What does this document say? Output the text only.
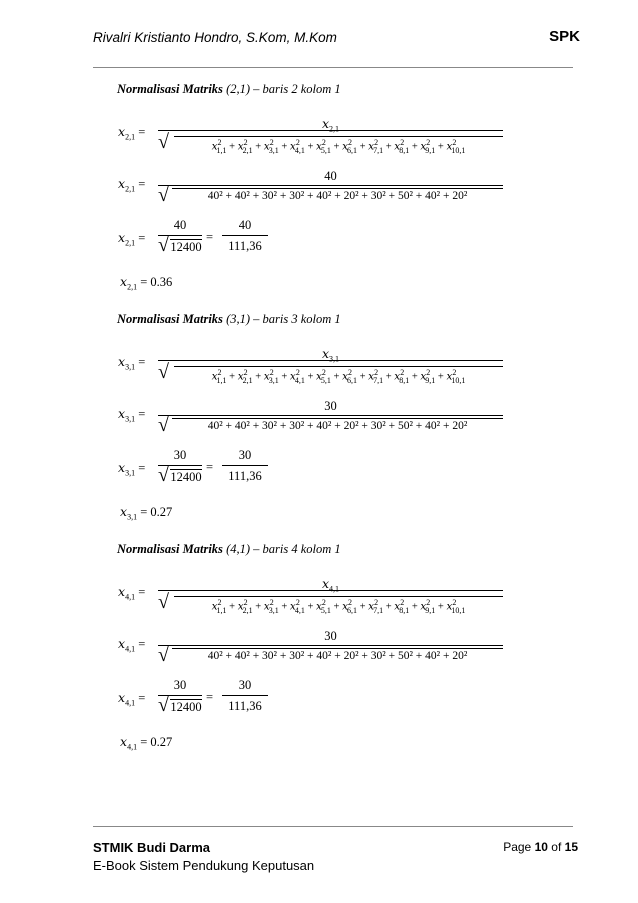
Rivalri Kristianto Hondro, S.Kom, M.Kom	SPK
Normalisasi Matriks (2,1) – baris 2 kolom 1
$x_{2,1}$ =
$x_{2,1}$
√	$x^2_{1,1} + x^2_{2,1} + x^2_{3,1} + x^2_{4,1} + x^2_{5,1} + x^2_{6,1} + x^2_{7,1} + x^2_{8,1} + x^2_{9,1} + x^2_{10,1}$
$x_{2,1}$ =
40
√	40² + 40² + 30² + 30² + 40² + 20² + 30² + 50² + 40² + 20²
$x_{2,1}$ =
40
√ 12400
=
40
111,36
$x_{2,1} = 0.36$
Normalisasi Matriks (3,1) – baris 3 kolom 1
$x_{3,1}$ =
$x_{3,1}$
√	$x^2_{1,1} + x^2_{2,1} + x^2_{3,1} + x^2_{4,1} + x^2_{5,1} + x^2_{6,1} + x^2_{7,1} + x^2_{8,1} + x^2_{9,1} + x^2_{10,1}$
$x_{3,1}$ =
30
√	40² + 40² + 30² + 30² + 40² + 20² + 30² + 50² + 40² + 20²
$x_{3,1}$ =
30
√ 12400
=
30
111,36
$x_{3,1} = 0.27$
Normalisasi Matriks (4,1) – baris 4 kolom 1
$x_{4,1}$ =
$x_{4,1}$
√	$x^2_{1,1} + x^2_{2,1} + x^2_{3,1} + x^2_{4,1} + x^2_{5,1} + x^2_{6,1} + x^2_{7,1} + x^2_{8,1} + x^2_{9,1} + x^2_{10,1}$
$x_{4,1}$ =
30
√	40² + 40² + 30² + 30² + 40² + 20² + 30² + 50² + 40² + 20²
$x_{4,1}$ =
30
√ 12400
=
30
111,36
$x_{4,1} = 0.27$
STMIK Budi Darma
E-Book Sistem Pendukung Keputusan
Page 10 of 15
